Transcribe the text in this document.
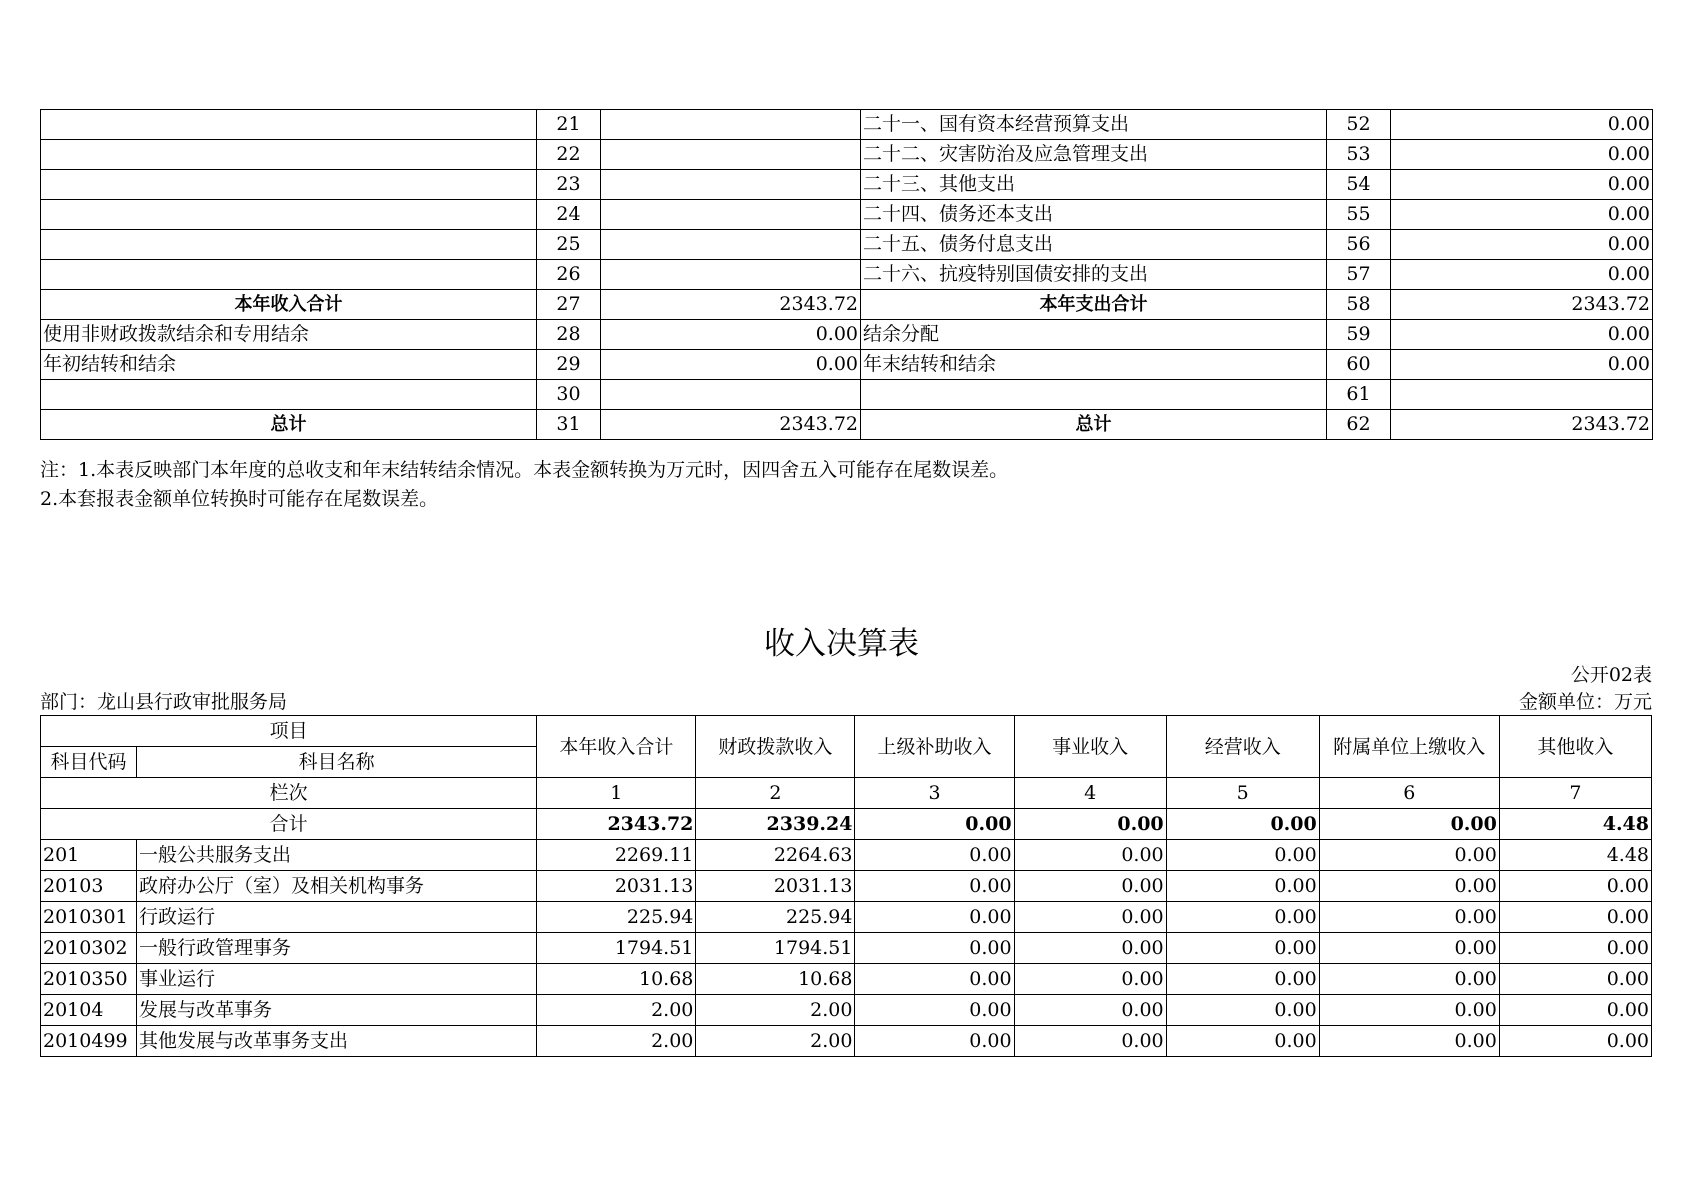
	21		二十一、国有资本经营预算支出	52	0.00
	22		二十二、灾害防治及应急管理支出	53	0.00
	23		二十三、其他支出	54	0.00
	24		二十四、债务还本支出	55	0.00
	25		二十五、债务付息支出	56	0.00
	26		二十六、抗疫特别国债安排的支出	57	0.00
本年收入合计	27	2343.72	本年支出合计	58	2343.72
使用非财政拨款结余和专用结余	28	0.00	结余分配	59	0.00
年初结转和结余	29	0.00	年末结转和结余	60	0.00
	30			61	
总计	31	2343.72	总计	62	2343.72
注：1.本表反映部门本年度的总收支和年末结转结余情况。本表金额转换为万元时，因四舍五入可能存在尾数误差。
2.本套报表金额单位转换时可能存在尾数误差。
收入决算表
公开02表
部门：龙山县行政审批服务局	金额单位：万元
项目		本年收入合计	财政拨款收入	上级补助收入	事业收入	经营收入	附属单位上缴收入	其他收入
科目代码	科目名称							
栏次		1	2	3	4	5	6	7
合计		2343.72	2339.24	0.00	0.00	0.00	0.00	4.48
201	一般公共服务支出	2269.11	2264.63	0.00	0.00	0.00	0.00	4.48
20103	政府办公厅（室）及相关机构事务	2031.13	2031.13	0.00	0.00	0.00	0.00	0.00
2010301	行政运行	225.94	225.94	0.00	0.00	0.00	0.00	0.00
2010302	一般行政管理事务	1794.51	1794.51	0.00	0.00	0.00	0.00	0.00
2010350	事业运行	10.68	10.68	0.00	0.00	0.00	0.00	0.00
20104	发展与改革事务	2.00	2.00	0.00	0.00	0.00	0.00	0.00
2010499	其他发展与改革事务支出	2.00	2.00	0.00	0.00	0.00	0.00	0.00
